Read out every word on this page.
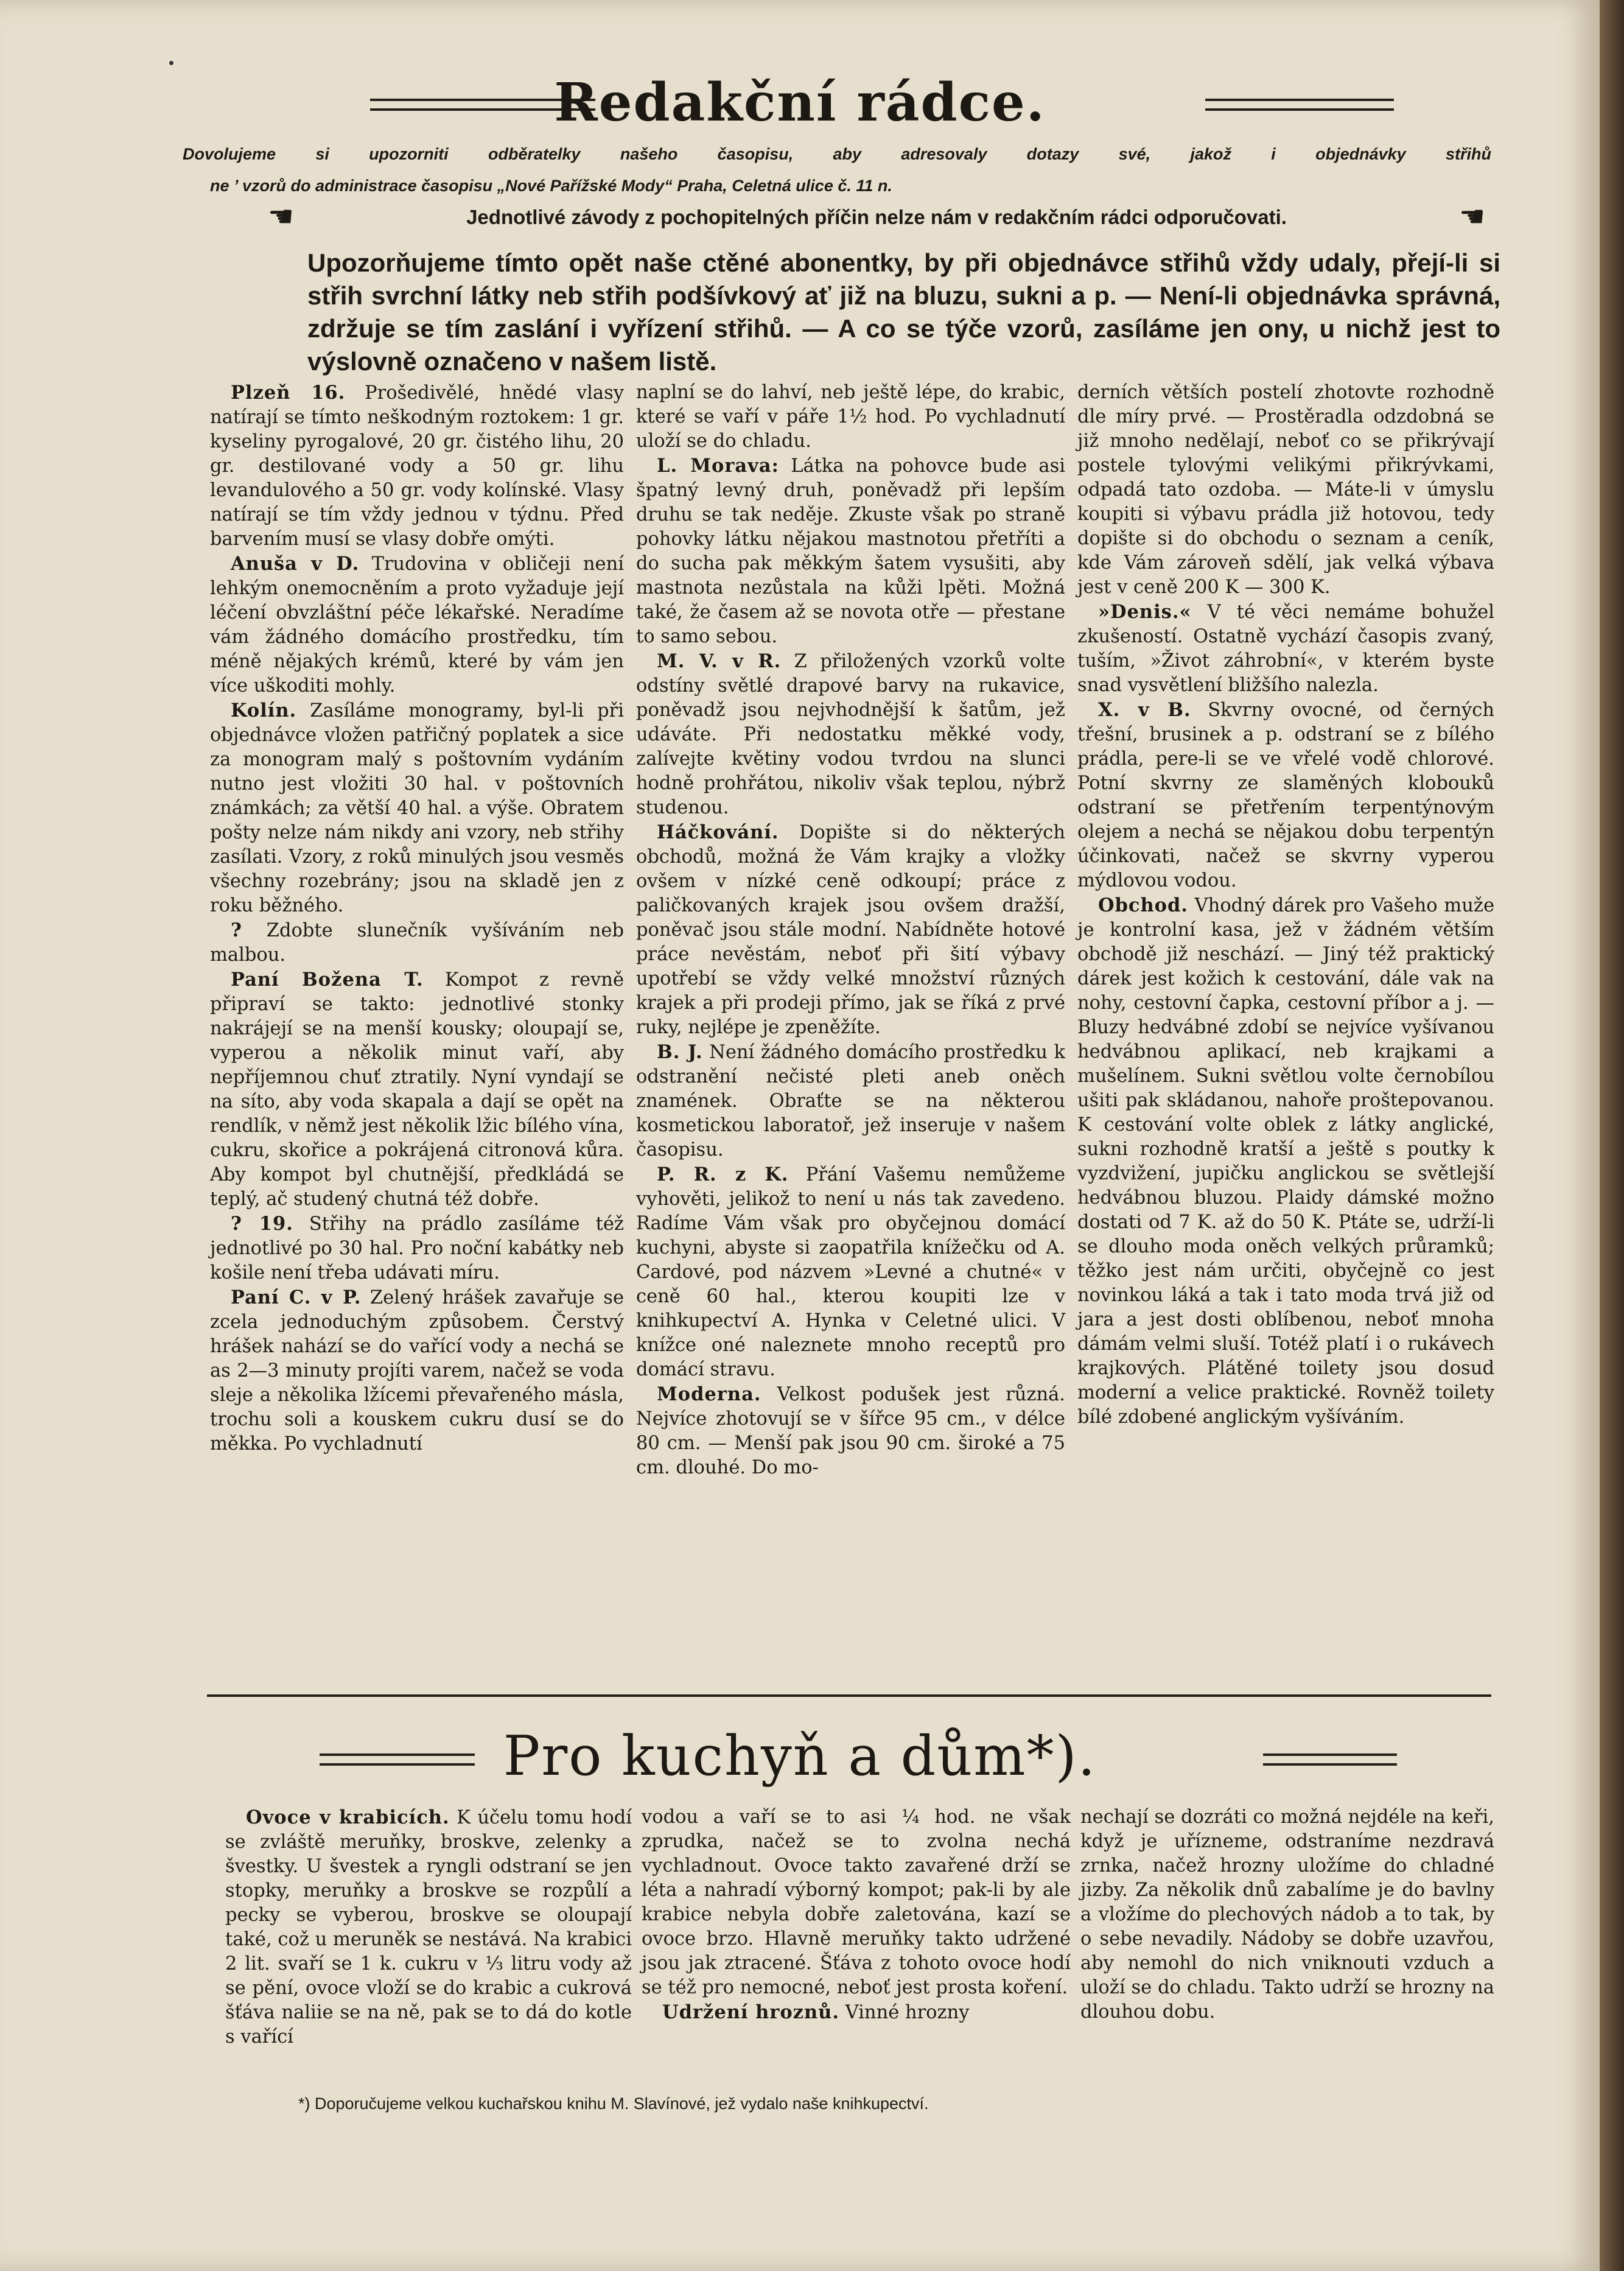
Redakční rádce.
Dovolujeme si upozorniti odběratelky našeho časopisu, aby adresovaly dotazy své, jakož i objednávky střihů
ne ’ vzorů do administrace časopisu „Nové Pařížské Mody“ Praha, Celetná ulice č. 11 n.
☛	Jednotlivé závody z pochopitelných příčin nelze nám v redakčním rádci odporučovati.	☚
Upozorňujeme tímto opět naše ctěné abonentky, by při objednávce střihů vždy udaly, přejí-li si střih svrchní látky neb střih podšívkový ať již na bluzu, sukni a p. — Není-li objednávka správná, zdržuje se tím zaslání i vyřízení střihů. — A co se týče vzorů, zasíláme jen ony, u nichž jest to výslovně označeno v našem listě.

Plzeň 16. Prošedivělé, hnědé vlasy natírají se tímto neškodným roztokem: 1 gr. kyseliny pyrogalové, 20 gr. čistého lihu, 20 gr. destilované vody a 50 gr. lihu levandulového a 50 gr. vody kolínské. Vlasy natírají se tím vždy jednou v týdnu. Před barvením musí se vlasy dobře omýti.

Anuša v D. Trudovina v obličeji není lehkým onemocněním a proto vyžaduje její léčení obvzláštní péče lékařské. Neradíme vám žádného domácího prostředku, tím méně nějakých krémů, které by vám jen více uškoditi mohly.

Kolín. Zasíláme monogramy, byl-li při objednávce vložen patřičný poplatek a sice za monogram malý s poštovním vydáním nutno jest vložiti 30 hal. v poštovních známkách; za větší 40 hal. a výše. Obratem pošty nelze nám nikdy ani vzory, neb střihy zasílati. Vzory, z roků minulých jsou vesměs všechny rozebrány; jsou na skladě jen z roku běžného.

? Zdobte slunečník vyšíváním neb malbou.

Paní Božena T. Kompot z revně připraví se takto: jednotlivé stonky nakrájejí se na menší kousky; oloupají se, vyperou a několik minut vaří, aby nepříjemnou chuť ztratily. Nyní vyndají se na síto, aby voda skapala a dají se opět na rendlík, v němž jest několik lžic bílého vína, cukru, skořice a pokrájená citronová kůra. Aby kompot byl chutnější, předkládá se teplý, ač studený chutná též dobře.

? 19. Střihy na prádlo zasíláme též jednotlivé po 30 hal. Pro noční kabátky neb košile není třeba udávati míru.

Paní C. v P. Zelený hrášek zavařuje se zcela jednoduchým způsobem. Čerstvý hrášek nahází se do vařící vody a nechá se as 2—3 minuty projíti varem, načež se voda sleje a několika lžícemi převařeného másla, trochu soli a kouskem cukru dusí se do měkka. Po vychladnutí

naplní se do lahví, neb ještě lépe, do krabic, které se vaří v páře 1½ hod. Po vychladnutí uloží se do chladu.

L. Morava: Látka na pohovce bude asi špatný levný druh, poněvadž při lepším druhu se tak neděje. Zkuste však po straně pohovky látku nějakou mastnotou přetříti a do sucha pak měkkým šatem vysušiti, aby mastnota nezůstala na kůži lpěti. Možná také, že časem až se novota otře — přestane to samo sebou.

M. V. v R. Z přiložených vzorků volte odstíny světlé drapové barvy na rukavice, poněvadž jsou nejvhodnější k šatům, jež udáváte. Při nedostatku měkké vody, zalívejte květiny vodou tvrdou na slunci hodně prohřátou, nikoliv však teplou, nýbrž studenou.

Háčkování. Dopište si do některých obchodů, možná že Vám krajky a vložky ovšem v nízké ceně odkoupí; práce z paličkovaných krajek jsou ovšem dražší, poněvač jsou stále modní. Nabídněte hotové práce nevěstám, neboť při šití výbavy upotřebí se vždy velké množství různých krajek a při prodeji přímo, jak se říká z prvé ruky, nejlépe je zpeněžíte.

B. J. Není žádného domácího prostředku k odstranění nečisté pleti aneb oněch znamének. Obraťte se na některou kosmetickou laboratoř, jež inseruje v našem časopisu.

P. R. z K. Přání Vašemu nemůžeme vyhověti, jelikož to není u nás tak zavedeno. Radíme Vám však pro obyčejnou domácí kuchyni, abyste si zaopatřila knížečku od A. Cardové, pod názvem »Levné a chutné« v ceně 60 hal., kterou koupiti lze v knihkupectví A. Hynka v Celetné ulici. V knížce oné naleznete mnoho receptů pro domácí stravu.

Moderna. Velkost podušek jest různá. Nejvíce zhotovují se v šířce 95 cm., v délce 80 cm. — Menší pak jsou 90 cm. široké a 75 cm. dlouhé. Do mo-

derních větších postelí zhotovte rozhodně dle míry prvé. — Prostěradla odzdobná se již mnoho nedělají, neboť co se přikrývají postele tylovými velikými přikrývkami, odpadá tato ozdoba. — Máte-li v úmyslu koupiti si výbavu prádla již hotovou, tedy dopište si do obchodu o seznam a ceník, kde Vám zároveň sdělí, jak velká výbava jest v ceně 200 K — 300 K.

»Denis.« V té věci nemáme bohužel zkušeností. Ostatně vychází časopis zvaný, tuším, »Život záhrobní«, v kterém byste snad vysvětlení bližšího nalezla.

X. v B. Skvrny ovocné, od černých třešní, brusinek a p. odstraní se z bílého prádla, pere-li se ve vřelé vodě chlorové. Potní skvrny ze slaměných klobouků odstraní se přetřením terpentýnovým olejem a nechá se nějakou dobu terpentýn účinkovati, načež se skvrny vyperou mýdlovou vodou.

Obchod. Vhodný dárek pro Vašeho muže je kontrolní kasa, jež v žádném větším obchodě již neschází. — Jiný též praktický dárek jest kožich k cestování, dále vak na nohy, cestovní čapka, cestovní příbor a j. — Bluzy hedvábné zdobí se nejvíce vyšívanou hedvábnou aplikací, neb krajkami a mušelínem. Sukni světlou volte černobílou ušiti pak skládanou, nahoře proštepovanou. K cestování volte oblek z látky anglické, sukni rozhodně kratší a ještě s poutky k vyzdvižení, jupičku anglickou se světlejší hedvábnou bluzou. Plaidy dámské možno dostati od 7 K. až do 50 K. Ptáte se, udrží-li se dlouho moda oněch velkých průramků; těžko jest nám určiti, obyčejně co jest novinkou láká a tak i tato moda trvá již od jara a jest dosti oblíbenou, neboť mnoha dámám velmi sluší. Totéž platí i o rukávech krajkových. Plátěné toilety jsou dosud moderní a velice praktické. Rovněž toilety bílé zdobené anglickým vyšíváním.

Pro kuchyň a dům*).

Ovoce v krabicích. K účelu tomu hodí se zvláště meruňky, broskve, zelenky a švestky. U švestek a ryngli odstraní se jen stopky, meruňky a broskve se rozpůlí a pecky se vyberou, broskve se oloupají také, což u meruněk se nestává. Na krabici 2 lit. svaří se 1 k. cukru v ⅓ litru vody až se pění, ovoce vloží se do krabic a cukrová šťáva naliie se na ně, pak se to dá do kotle s vařící

vodou a vaří se to asi ¼ hod. ne však zprudka, načež se to zvolna nechá vychladnout. Ovoce takto zavařené drží se léta a nahradí výborný kompot; pak-li by ale krabice nebyla dobře zaletována, kazí se ovoce brzo. Hlavně meruňky takto udržené jsou jak ztracené. Šťáva z tohoto ovoce hodí se též pro nemocné, neboť jest prosta koření.

Udržení hroznů. Vinné hrozny

nechají se dozráti co možná nejdéle na keři, když je uřízneme, odstraníme nezdravá zrnka, načež hrozny uložíme do chladné jizby. Za několik dnů zabalíme je do bavlny a vložíme do plechových nádob a to tak, by o sebe nevadily. Nádoby se dobře uzavřou, aby nemohl do nich vniknouti vzduch a uloží se do chladu. Takto udrží se hrozny na dlouhou dobu.

*) Doporučujeme velkou kuchařskou knihu M. Slavínové, jež vydalo naše knihkupectví.
